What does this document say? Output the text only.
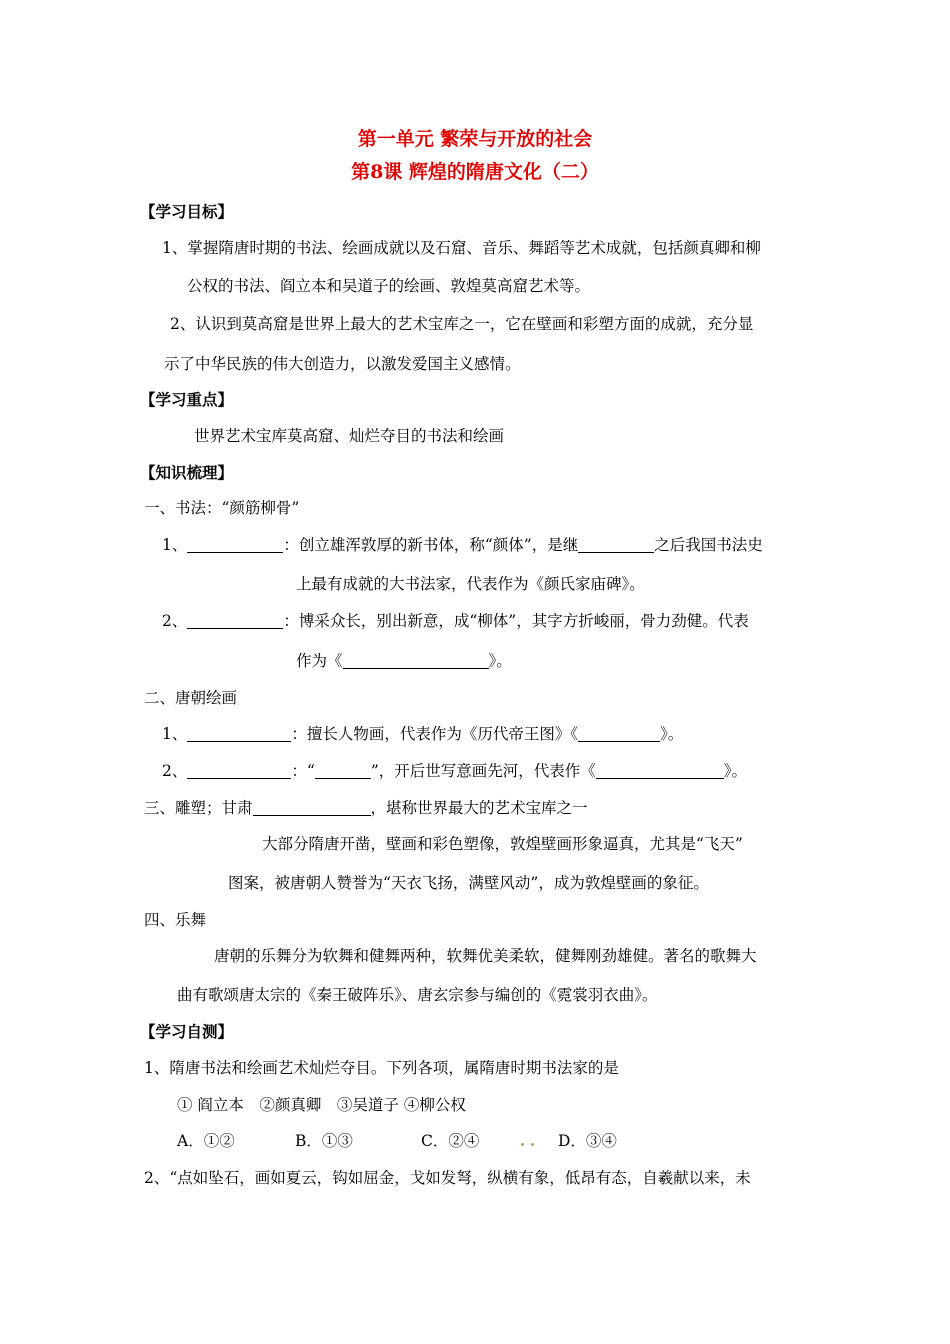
第一单元 繁荣与开放的社会
第8课 辉煌的隋唐文化（二）
【学习目标】
1、掌握隋唐时期的书法、绘画成就以及石窟、音乐、舞蹈等艺术成就，包括颜真卿和柳
公权的书法、阎立本和吴道子的绘画、敦煌莫高窟艺术等。
2、认识到莫高窟是世界上最大的艺术宝库之一，它在壁画和彩塑方面的成就，充分显
示了中华民族的伟大创造力，以激发爱国主义感情。
【学习重点】
世界艺术宝库莫高窟、灿烂夺目的书法和绘画
【知识梳理】
一、书法：“颜筋柳骨”
1、	：创立雄浑敦厚的新书体，称“颜体”，是继	之后我国书法史
上最有成就的大书法家，代表作为《颜氏家庙碑》。
2、	：博采众长，别出新意，成“柳体”，其字方折峻丽，骨力劲健。代表
作为《	》。
二、唐朝绘画
1、	：擅长人物画，代表作为《历代帝王图》《	》。
2、	：“	”，开后世写意画先河，代表作《	》。
三、雕塑；甘肃	，堪称世界最大的艺术宝库之一
大部分隋唐开凿，壁画和彩色塑像，敦煌壁画形象逼真，尤其是“飞天”
图案，被唐朝人赞誉为“天衣飞扬，满壁风动”，成为敦煌壁画的象征。
四、乐舞
唐朝的乐舞分为软舞和健舞两种，软舞优美柔软，健舞刚劲雄健。著名的歌舞大
曲有歌颂唐太宗的《秦王破阵乐》、唐玄宗参与编创的《霓裳羽衣曲》。
【学习自测】
1、隋唐书法和绘画艺术灿烂夺目。下列各项，属隋唐时期书法家的是
① 阎立本　②颜真卿　③吴道子 ④柳公权
A．①②	B．①③	C．②④	D．③④
2、“点如坠石，画如夏云，钩如屈金，戈如发弩，纵横有象，低昂有态，自羲献以来，未
